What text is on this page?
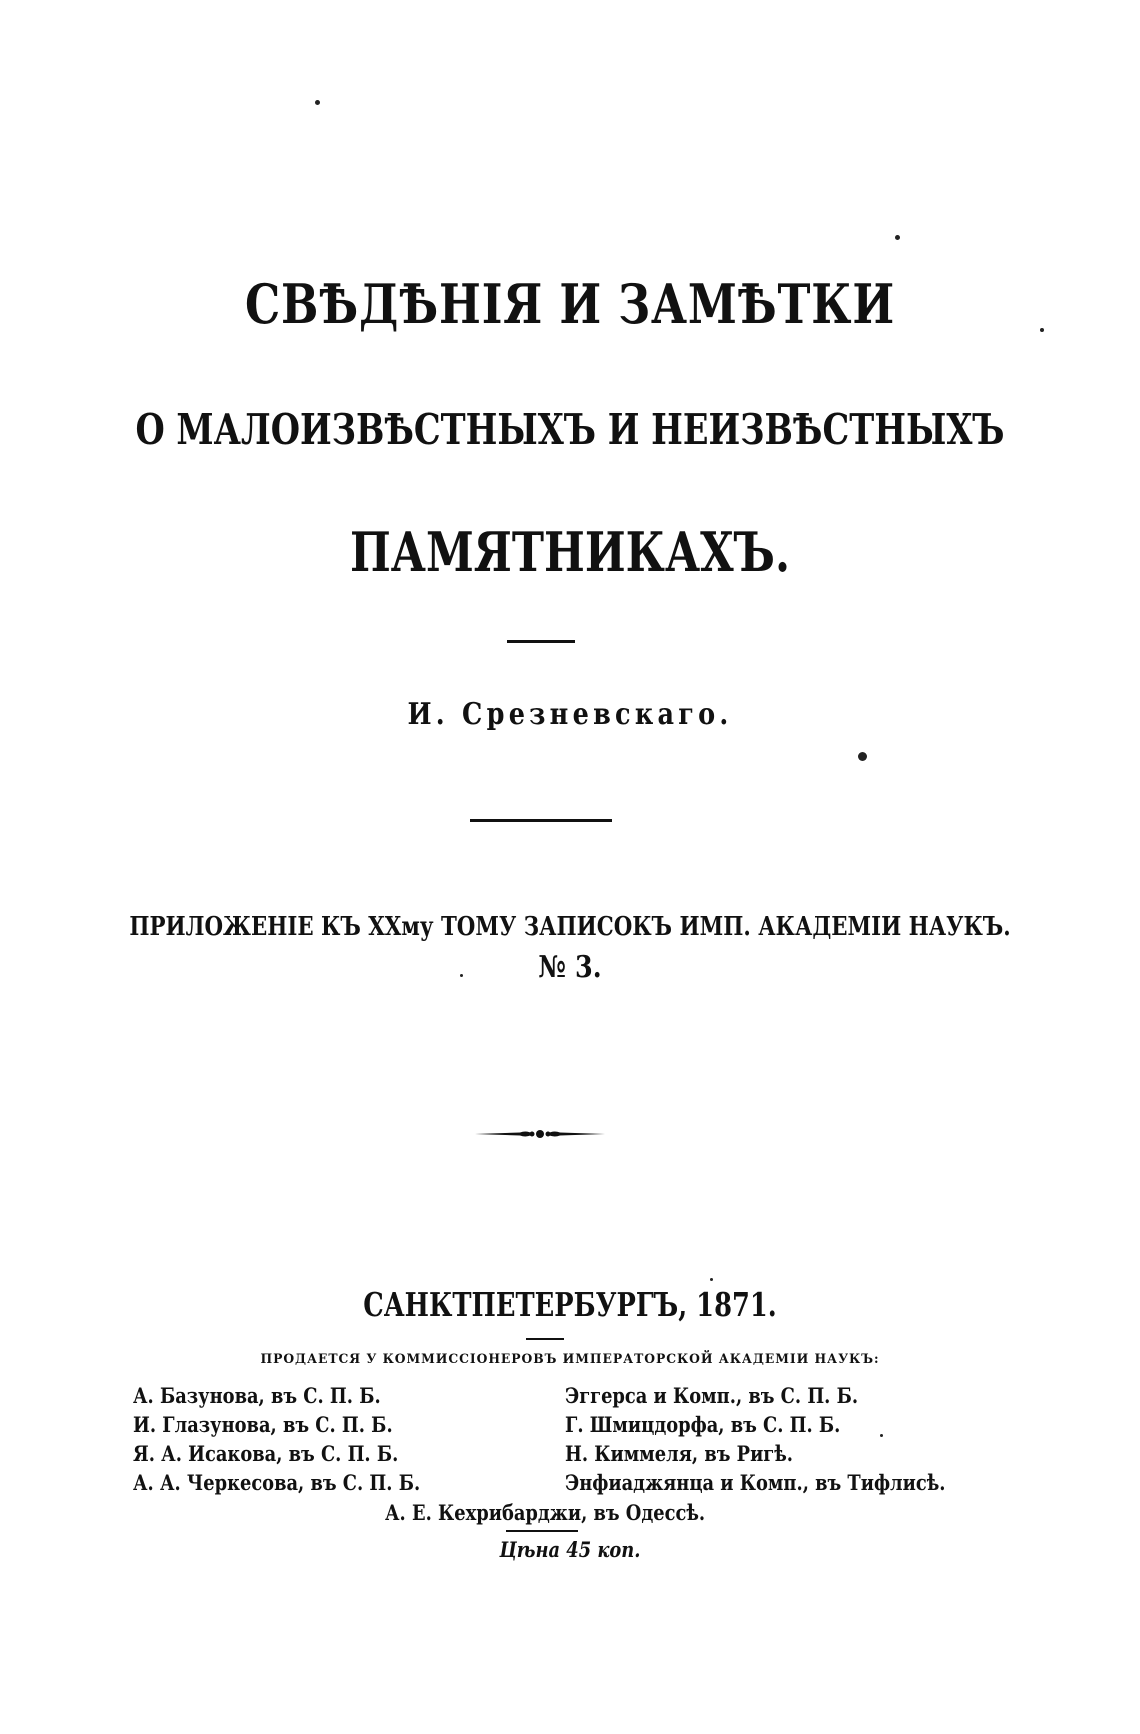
СВѢДѢНІЯ И ЗАМѢТКИ
О МАЛОИЗВѢСТНЫХЪ И НЕИЗВѢСТНЫХЪ
ПАМЯТНИКАХЪ.
И. Срезневскаго.
ПРИЛОЖЕНІЕ КЪ XXму ТОМУ ЗАПИСОКЪ ИМП. АКАДЕМІИ НАУКЪ.
№ 3.
САНКТПЕТЕРБУРГЪ, 1871.
ПРОДАЕТСЯ У КОММИССІОНЕРОВЪ ИМПЕРАТОРСКОЙ АКАДЕМІИ НАУКЪ:
А. Базунова, въ С. П. Б.
И. Глазунова, въ С. П. Б.
Я. А. Исакова, въ С. П. Б.
А. А. Черкесова, въ С. П. Б.
Эггерса и Комп., въ С. П. Б.
Г. Шмицдорфа, въ С. П. Б.
Н. Киммеля, въ Ригѣ.
Энфиаджянца и Комп., въ Тифлисѣ.
А. Е. Кехрибарджи, въ Одессѣ.
Цѣна 45 коп.
